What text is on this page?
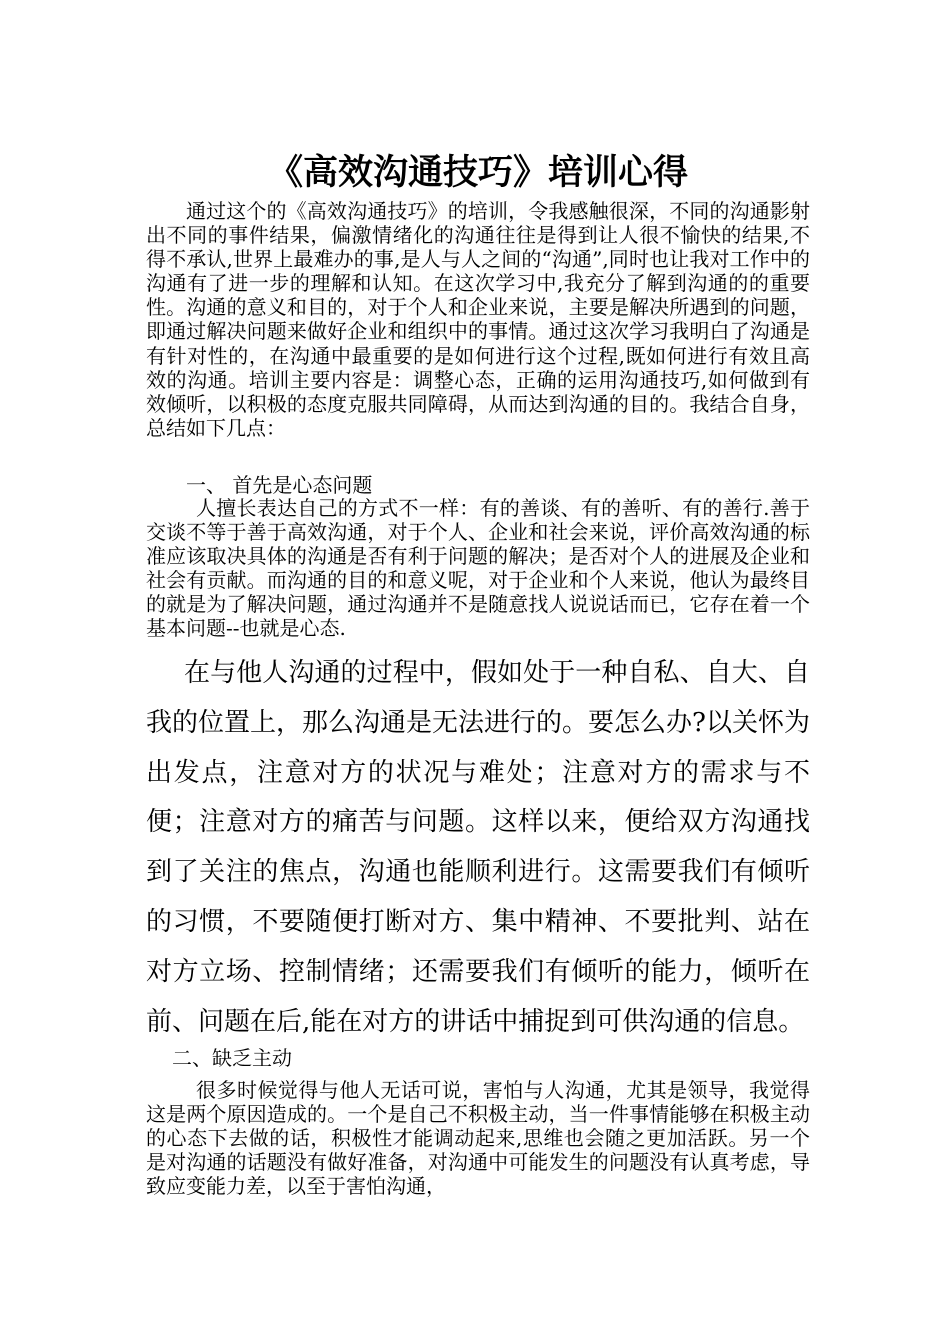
《高效沟通技巧》培训心得

通过这个的《高效沟通技巧》的培训，令我感触很深，不同的沟通影射出不同的事件结果，偏激情绪化的沟通往往是得到让人很不愉快的结果,不得不承认,世界上最难办的事,是人与人之间的“沟通”,同时也让我对工作中的沟通有了进一步的理解和认知。在这次学习中,我充分了解到沟通的的重要性。沟通的意义和目的，对于个人和企业来说，主要是解决所遇到的问题，即通过解决问题来做好企业和组织中的事情。通过这次学习我明白了沟通是有针对性的，在沟通中最重要的是如何进行这个过程,既如何进行有效且高效的沟通。培训主要内容是：调整心态，正确的运用沟通技巧,如何做到有效倾听，以积极的态度克服共同障碍，从而达到沟通的目的。我结合自身，总结如下几点：

一、 首先是心态问题

人擅长表达自己的方式不一样：有的善谈、有的善听、有的善行.善于交谈不等于善于高效沟通，对于个人、企业和社会来说，评价高效沟通的标准应该取决具体的沟通是否有利于问题的解决；是否对个人的进展及企业和社会有贡献。而沟通的目的和意义呢，对于企业和个人来说，他认为最终目的就是为了解决问题，通过沟通并不是随意找人说说话而已，它存在着一个基本问题--也就是心态.

在与他人沟通的过程中，假如处于一种自私、自大、自我的位置上，那么沟通是无法进行的。要怎么办?以关怀为出发点，注意对方的状况与难处；注意对方的需求与不便；注意对方的痛苦与问题。这样以来，便给双方沟通找到了关注的焦点，沟通也能顺利进行。这需要我们有倾听的习惯，不要随便打断对方、集中精神、不要批判、站在对方立场、控制情绪；还需要我们有倾听的能力，倾听在前、问题在后,能在对方的讲话中捕捉到可供沟通的信息。

二、缺乏主动

很多时候觉得与他人无话可说，害怕与人沟通，尤其是领导，我觉得这是两个原因造成的。一个是自己不积极主动，当一件事情能够在积极主动的心态下去做的话，积极性才能调动起来,思维也会随之更加活跃。另一个是对沟通的话题没有做好准备，对沟通中可能发生的问题没有认真考虑，导致应变能力差，以至于害怕沟通，
